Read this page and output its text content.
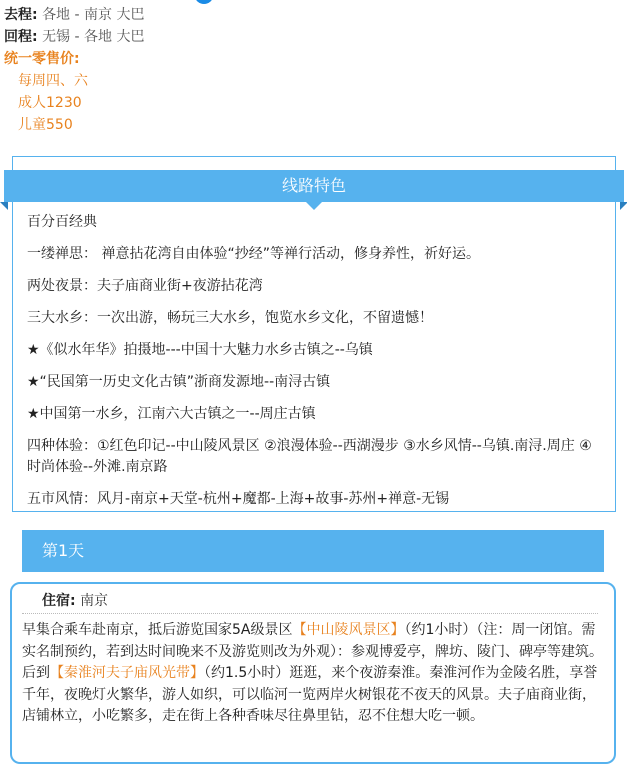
去程: 各地 - 南京 大巴
回程: 无锡 - 各地 大巴
统一零售价:
每周四、六
成人1230
儿童550
线路特色
百分百经典
一缕禅思： 禅意拈花湾自由体验“抄经”等禅行活动，修身养性，祈好运。
两处夜景：夫子庙商业街+夜游拈花湾
三大水乡：一次出游，畅玩三大水乡，饱览水乡文化，不留遗憾！
★《似水年华》拍摄地---中国十大魅力水乡古镇之--乌镇
★“民国第一历史文化古镇”浙商发源地--南浔古镇
★中国第一水乡，江南六大古镇之一--周庄古镇
四种体验：①红色印记--中山陵风景区 ②浪漫体验--西湖漫步 ③水乡风情--乌镇.南浔.周庄 ④时尚体验--外滩.南京路
五市风情：风月-南京+天堂-杭州+魔都-上海+故事-苏州+禅意-无锡
第1天
住宿: 南京
早集合乘车赴南京，抵后游览国家5A级景区【中山陵风景区】（约1小时）（注：周一闭馆。需实名制预约，若到达时间晚来不及游览则改为外观）：参观博爱亭，牌坊、陵门、碑亭等建筑。后到【秦淮河夫子庙风光带】（约1.5小时）逛逛，来个夜游秦淮。秦淮河作为金陵名胜，享誉千年，夜晚灯火繁华，游人如织，可以临河一览两岸火树银花不夜天的风景。夫子庙商业街，店铺林立，小吃繁多，走在街上各种香味尽往鼻里钻，忍不住想大吃一顿。
